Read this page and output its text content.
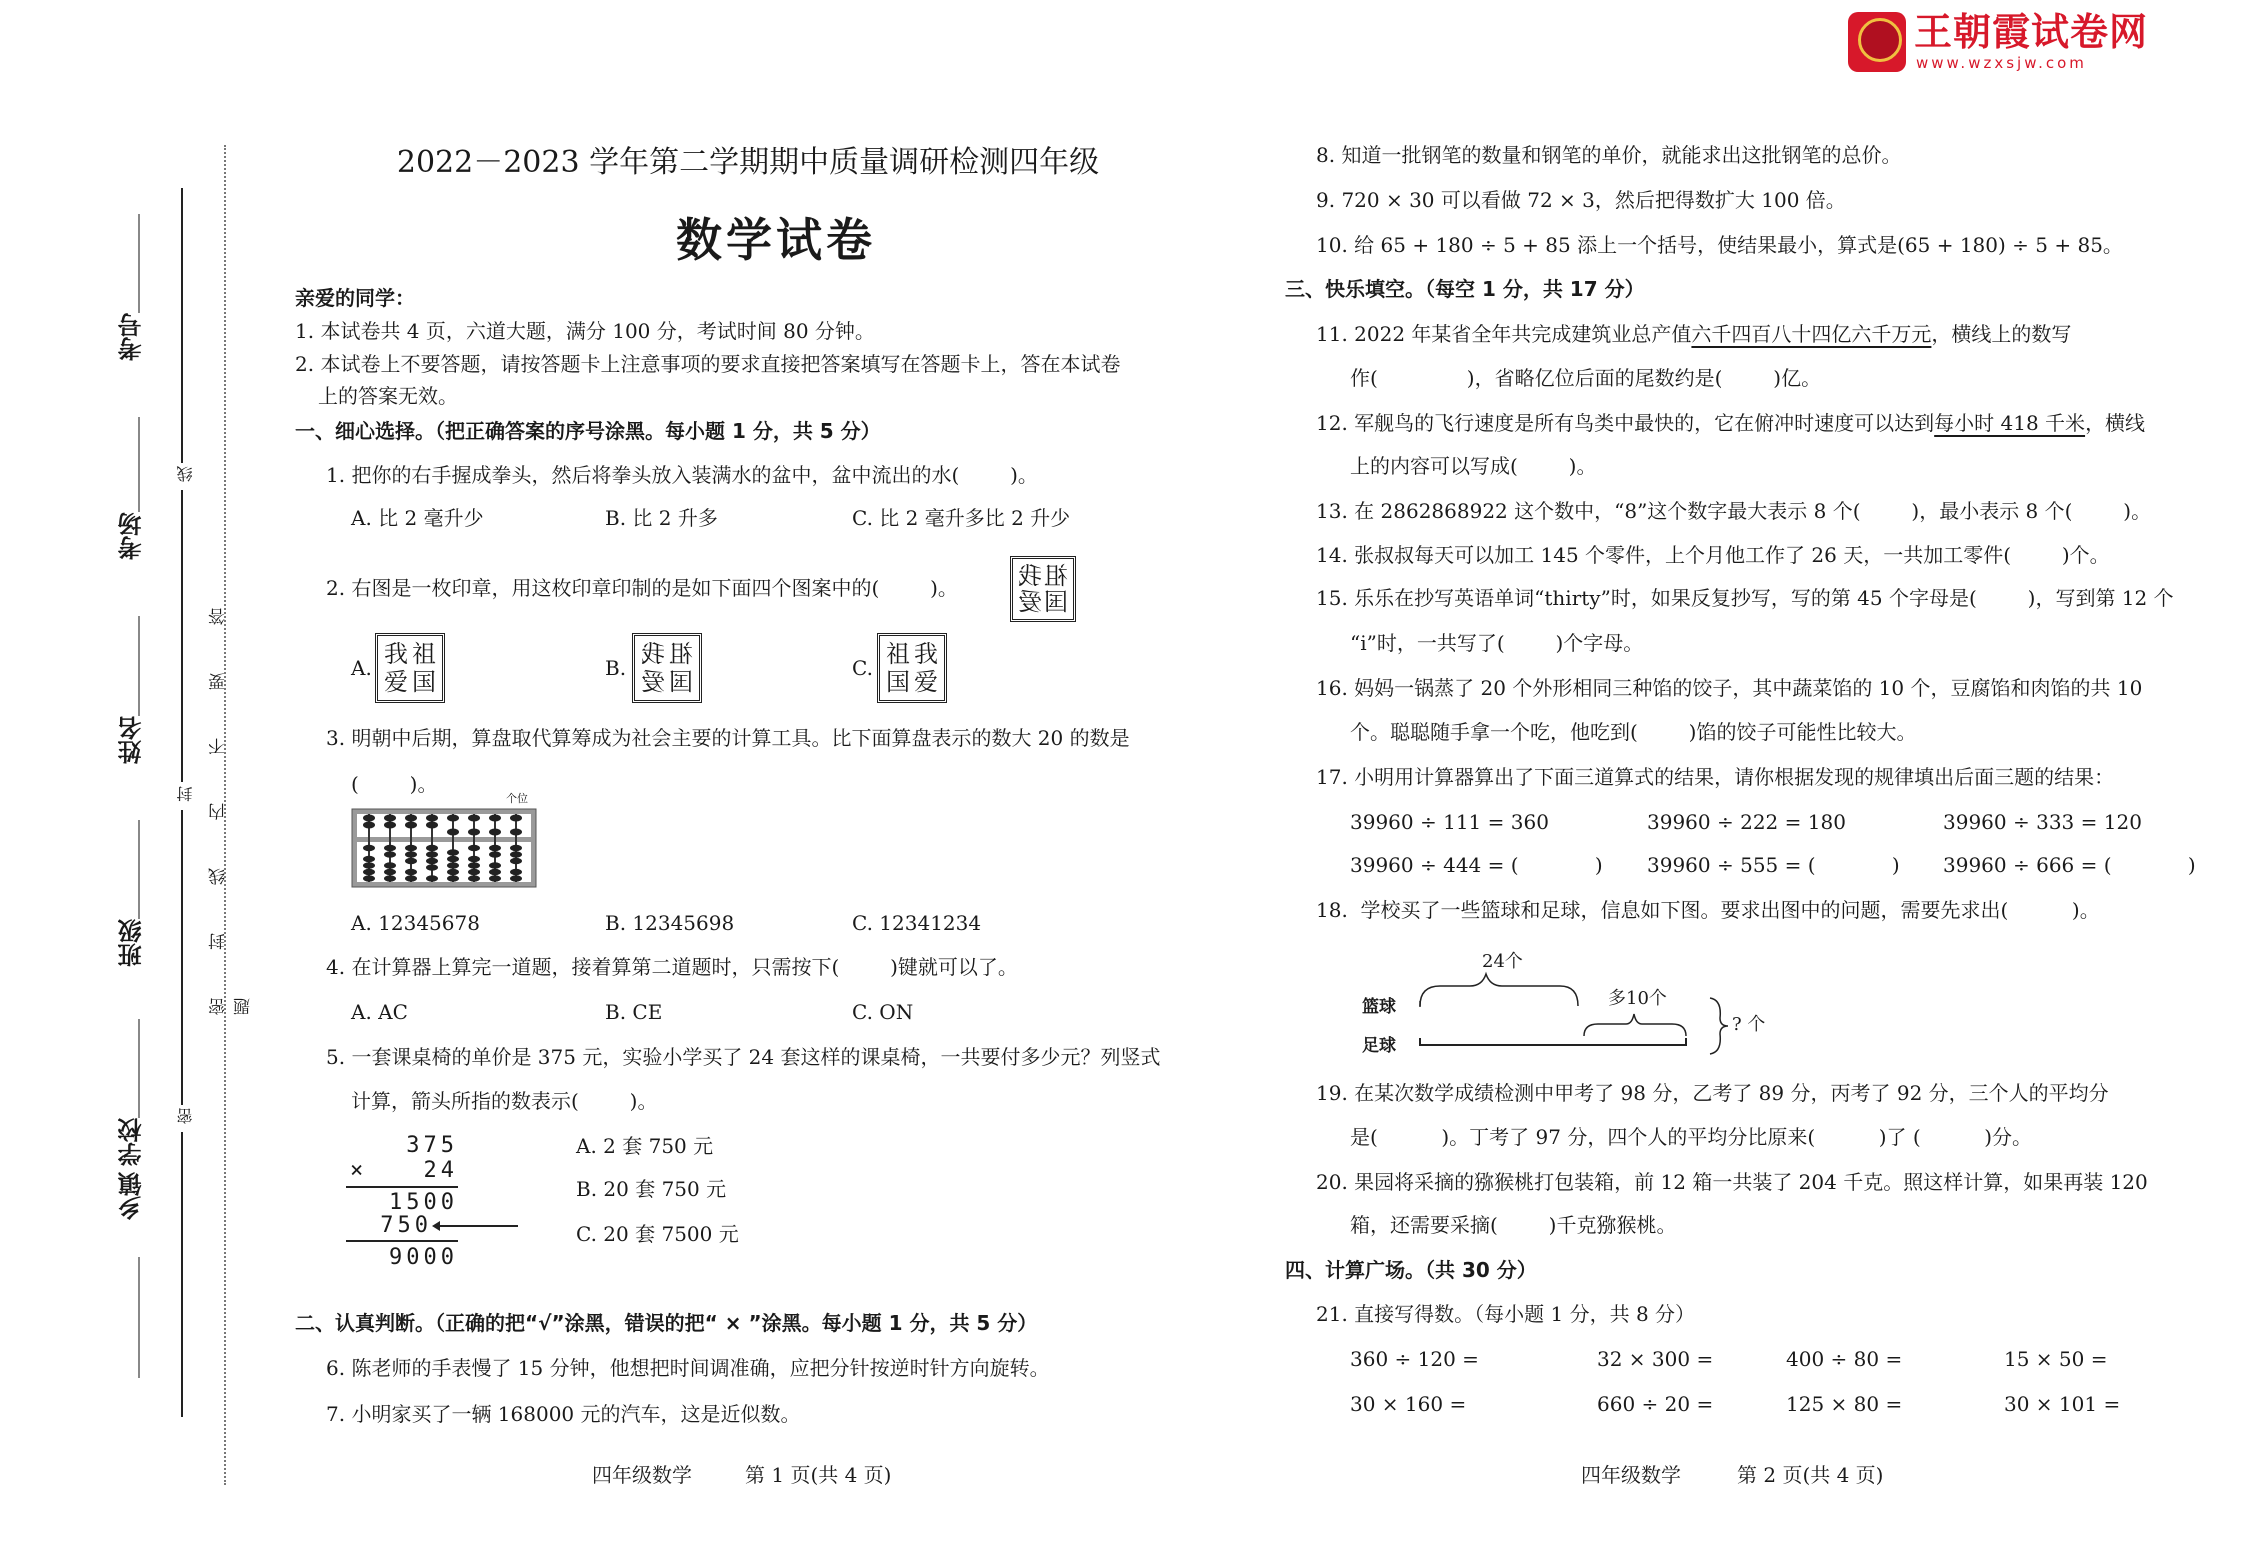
王朝霞试卷网
www.wzxsjw.com
考号
考场
姓名
班级
学校
乡镇
线
封
密
密封线内不要答题
2022－2023 学年第二学期期中质量调研检测四年级
数学试卷
亲爱的同学：
1. 本试卷共 4 页，六道大题，满分 100 分，考试时间 80 分钟。
2. 本试卷上不要答题，请按答题卡上注意事项的要求直接把答案填写在答题卡上，答在本试卷
上的答案无效。
一、细心选择。（把正确答案的序号涂黑。每小题 1 分，共 5 分）
1. 把你的右手握成拳头，然后将拳头放入装满水的盆中，盆中流出的水(        )。
A. 比 2 毫升少	B. 比 2 升多	C. 比 2 毫升多比 2 升少
2. 右图是一枚印章，用这枚印章印制的是如下面四个图案中的(        )。	祖
我
国
爱
A. 我 祖
爱 国	B. 祖
我
国
爱	C. 祖 我
国 爱
3. 明朝中后期，算盘取代算筹成为社会主要的计算工具。比下面算盘表示的数大 20 的数是
(        )。
个位
A. 12345678	B. 12345698	C. 12341234
4. 在计算器上算完一道题，接着算第二道题时，只需按下(        )键就可以了。
A. AC	B. CE	C. ON
5. 一套课桌椅的单价是 375 元，实验小学买了 24 套这样的课桌椅，一共要付多少元？列竖式
计算，箭头所指的数表示(        )。
375
×	24
1500
750
9000
A. 2 套 750 元
B. 20 套 750 元
C. 20 套 7500 元
二、认真判断。（正确的把“√”涂黑，错误的把“ × ”涂黑。每小题 1 分，共 5 分）
6. 陈老师的手表慢了 15 分钟，他想把时间调准确，应把分针按逆时针方向旋转。
7. 小明家买了一辆 168000 元的汽车，这是近似数。
四年级数学	第 1 页(共 4 页)
8. 知道一批钢笔的数量和钢笔的单价，就能求出这批钢笔的总价。
9. 720 × 30 可以看做 72 × 3，然后把得数扩大 100 倍。
10. 给 65 + 180 ÷ 5 + 85 添上一个括号，使结果最小，算式是(65 + 180) ÷ 5 + 85。
三、快乐填空。（每空 1 分，共 17 分）
11. 2022 年某省全年共完成建筑业总产值六千四百八十四亿六千万元，横线上的数写
作(              )，省略亿位后面的尾数约是(        )亿。
12. 军舰鸟的飞行速度是所有鸟类中最快的，它在俯冲时速度可以达到每小时 418 千米，横线
上的内容可以写成(        )。
13. 在 2862868922 这个数中，“8”这个数字最大表示 8 个(        )，最小表示 8 个(        )。
14. 张叔叔每天可以加工 145 个零件，上个月他工作了 26 天，一共加工零件(        )个。
15. 乐乐在抄写英语单词“thirty”时，如果反复抄写，写的第 45 个字母是(        )，写到第 12 个
“i”时，一共写了(        )个字母。
16. 妈妈一锅蒸了 20 个外形相同三种馅的饺子，其中蔬菜馅的 10 个，豆腐馅和肉馅的共 10
个。聪聪随手拿一个吃，他吃到(        )馅的饺子可能性比较大。
17. 小明用计算器算出了下面三道算式的结果，请你根据发现的规律填出后面三题的结果：
39960 ÷ 111 = 360	39960 ÷ 222 = 180	39960 ÷ 333 = 120
39960 ÷ 444 = (            ) 39960 ÷ 555 = (            ) 39960 ÷ 666 = (            )
18.  学校买了一些篮球和足球，信息如下图。要求出图中的问题，需要先求出(          )。
24个
篮球	多10个
足球
? 个
19. 在某次数学成绩检测中甲考了 98 分，乙考了 89 分，丙考了 92 分，三个人的平均分
是(          )。丁考了 97 分，四个人的平均分比原来(          )了 (          )分。
20. 果园将采摘的猕猴桃打包装箱，前 12 箱一共装了 204 千克。照这样计算，如果再装 120
箱，还需要采摘(        )千克猕猴桃。
四、计算广场。（共 30 分）
21. 直接写得数。（每小题 1 分，共 8 分）
360 ÷ 120 =	32 × 300 =	400 ÷ 80 =	15 × 50 =
30 × 160 =	660 ÷ 20 =	125 × 80 =	30 × 101 =
四年级数学	第 2 页(共 4 页)
